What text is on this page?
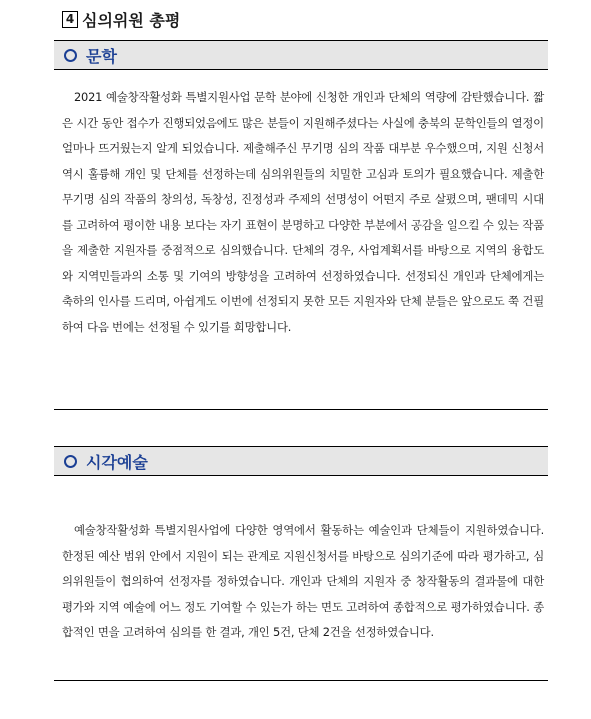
4 심의위원 총평
문학

2021 예술창작활성화 특별지원사업 문학 분야에 신청한 개인과 단체의 역량에 감탄했습니다. 짧은 시간 동안 접수가 진행되었음에도 많은 분들이 지원해주셨다는 사실에 충북의 문학인들의 열정이 얼마나 뜨거웠는지 알게 되었습니다. 제출해주신 무기명 심의 작품 대부분 우수했으며, 지원 신청서 역시 훌륭해 개인 및 단체를 선정하는데 심의위원들의 치밀한 고심과 토의가 필요했습니다. 제출한 무기명 심의 작품의 창의성, 독창성, 진정성과 주제의 선명성이 어떤지 주로 살폈으며, 팬데믹 시대를 고려하여 평이한 내용 보다는 자기 표현이 분명하고 다양한 부분에서 공감을 일으킬 수 있는 작품을 제출한 지원자를 중점적으로 심의했습니다. 단체의 경우, 사업계획서를 바탕으로 지역의 융합도와 지역민들과의 소통 및 기여의 방향성을 고려하여 선정하였습니다. 선정되신 개인과 단체에게는 축하의 인사를 드리며, 아쉽게도 이번에 선정되지 못한 모든 지원자와 단체 분들은 앞으로도 쭉 건필하여 다음 번에는 선정될 수 있기를 희망합니다.

시각예술

예술창작활성화 특별지원사업에 다양한 영역에서 활동하는 예술인과 단체들이 지원하였습니다. 한정된 예산 범위 안에서 지원이 되는 관계로 지원신청서를 바탕으로 심의기준에 따라 평가하고, 심의위원들이 협의하여 선정자를 정하였습니다. 개인과 단체의 지원자 중 창작활동의 결과물에 대한 평가와 지역 예술에 어느 정도 기여할 수 있는가 하는 면도 고려하여 종합적으로 평가하였습니다. 종합적인 면을 고려하여 심의를 한 결과, 개인 5건, 단체 2건을 선정하였습니다.
